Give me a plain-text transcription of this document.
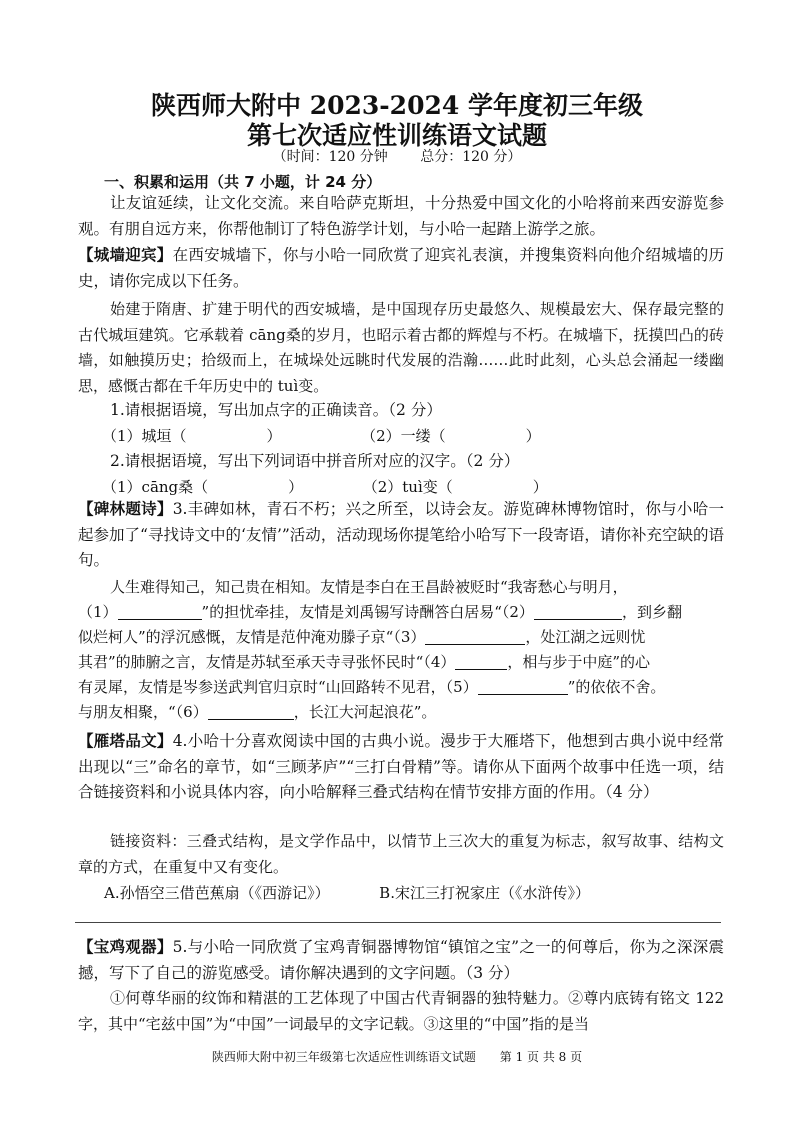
陕西师大附中 2023-2024 学年度初三年级
第七次适应性训练语文试题
（时间：120 分钟 总分：120 分）
一、积累和运用（共 7 小题，计 24 分）
让友谊延续，让文化交流。来自哈萨克斯坦，十分热爱中国文化的小哈将前来西安游览参观。有朋自远方来，你帮他制订了特色游学计划，与小哈一起踏上游学之旅。
【城墙迎宾】在西安城墙下，你与小哈一同欣赏了迎宾礼表演，并搜集资料向他介绍城墙的历史，请你完成以下任务。
始建于隋唐、扩建于明代的西安城墙，是中国现存历史最悠久、规模最宏大、保存最完整的古代城垣建筑。它承载着 cāng桑的岁月，也昭示着古都的辉煌与不朽。在城墙下，抚摸凹凸的砖墙，如触摸历史；拾级而上，在城垛处远眺时代发展的浩瀚……此时此刻，心头总会涌起一缕幽思，感慨古都在千年历史中的 tuì变。
1.请根据语境，写出加点字的正确读音。（2 分）
（1）城垣（	）	（2）一缕（	）
2.请根据语境，写出下列词语中拼音所对应的汉字。（2 分）
（1）cāng桑（	）	（2）tuì变（	）
【碑林题诗】3.丰碑如林，青石不朽；兴之所至，以诗会友。游览碑林博物馆时，你与小哈一起参加了“寻找诗文中的‘友情’”活动，活动现场你提笔给小哈写下一段寄语，请你补充空缺的语句。
人生难得知己，知己贵在相知。友情是李白在王昌龄被贬时“我寄愁心与明月，
（1）	”的担忧牵挂，友情是刘禹锡写诗酬答白居易“（2）	，到乡翻
似烂柯人”的浮沉感慨，友情是范仲淹劝滕子京“（3）	，处江湖之远则忧
其君”的肺腑之言，友情是苏轼至承天寺寻张怀民时“（4）	，相与步于中庭”的心
有灵犀，友情是岑参送武判官归京时“山回路转不见君，（5）	”的依依不舍。
与朋友相聚，“（6）	，长江大河起浪花”。
【雁塔品文】4.小哈十分喜欢阅读中国的古典小说。漫步于大雁塔下，他想到古典小说中经常出现以“三”命名的章节，如“三顾茅庐”“三打白骨精”等。请你从下面两个故事中任选一项，结合链接资料和小说具体内容，向小哈解释三叠式结构在情节安排方面的作用。（4 分）
链接资料：三叠式结构，是文学作品中，以情节上三次大的重复为标志，叙写故事、结构文章的方式，在重复中又有变化。
A.孙悟空三借芭蕉扇（《西游记》）	B.宋江三打祝家庄（《水浒传》）
【宝鸡观器】5.与小哈一同欣赏了宝鸡青铜器博物馆“镇馆之宝”之一的何尊后，你为之深深震撼，写下了自己的游览感受。请你解决遇到的文字问题。（3 分）
①何尊华丽的纹饰和精湛的工艺体现了中国古代青铜器的独特魅力。②尊内底铸有铭文 122 字，其中“宅兹中国”为“中国”一词最早的文字记载。③这里的“中国”指的是当
陕西师大附中初三年级第七次适应性训练语文试题 第 1 页 共 8 页
